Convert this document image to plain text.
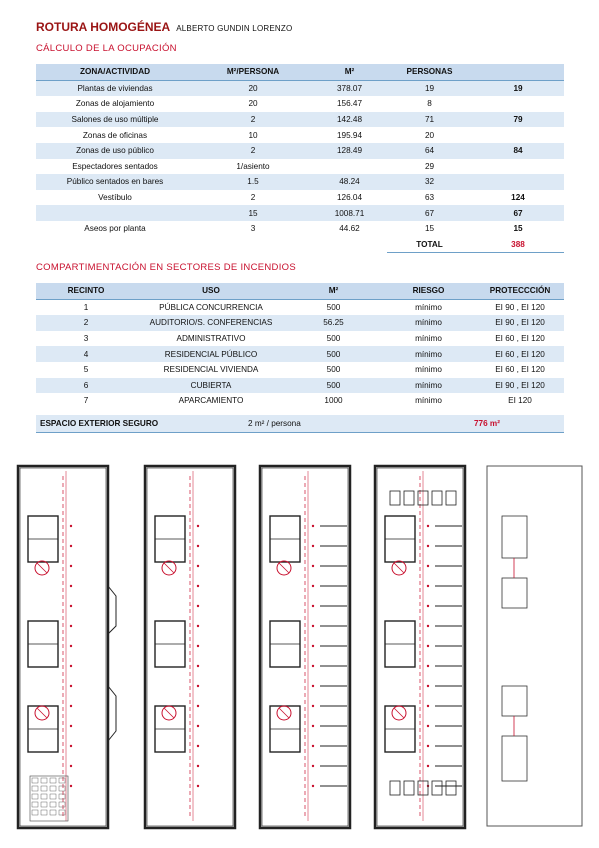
ROTURA HOMOGÉNEA ALBERTO GUNDIN LORENZO
CÁLCULO DE LA OCUPACIÓN
ZONA/ACTIVIDAD	M²/PERSONA	M²	PERSONAS	
Plantas de viviendas	20	378.07	19	19
Zonas de alojamiento	20	156.47	8	
Salones de uso múltiple	2	142.48	71	79
Zonas de oficinas	10	195.94	20	
Zonas de uso público	2	128.49	64	84
Espectadores sentados	1/asiento		29	
Público sentados en bares	1.5	48.24	32	
Vestíbulo	2	126.04	63	124
	15	1008.71	67	67
Aseos por planta	3	44.62	15	15
			TOTAL	388
COMPARTIMENTACIÓN EN SECTORES DE INCENDIOS
RECINTO	USO	M²	RIESGO	PROTECCCIÓN
1	PÚBLICA CONCURRENCIA	500	mínimo	EI 90 , EI 120
2	AUDITORIO/S. CONFERENCIAS	56.25	mínimo	EI 90 , EI 120
3	ADMINISTRATIVO	500	mínimo	EI 60 , EI 120
4	RESIDENCIAL PÚBLICO	500	mínimo	EI 60 , EI 120
5	RESIDENCIAL VIVIENDA	500	mínimo	EI 60 , EI 120
6	CUBIERTA	500	mínimo	EI 90 , EI 120
7	APARCAMIENTO	1000	mínimo	EI 120
ESPACIO EXTERIOR SEGURO	2 m² / persona	776 m²
